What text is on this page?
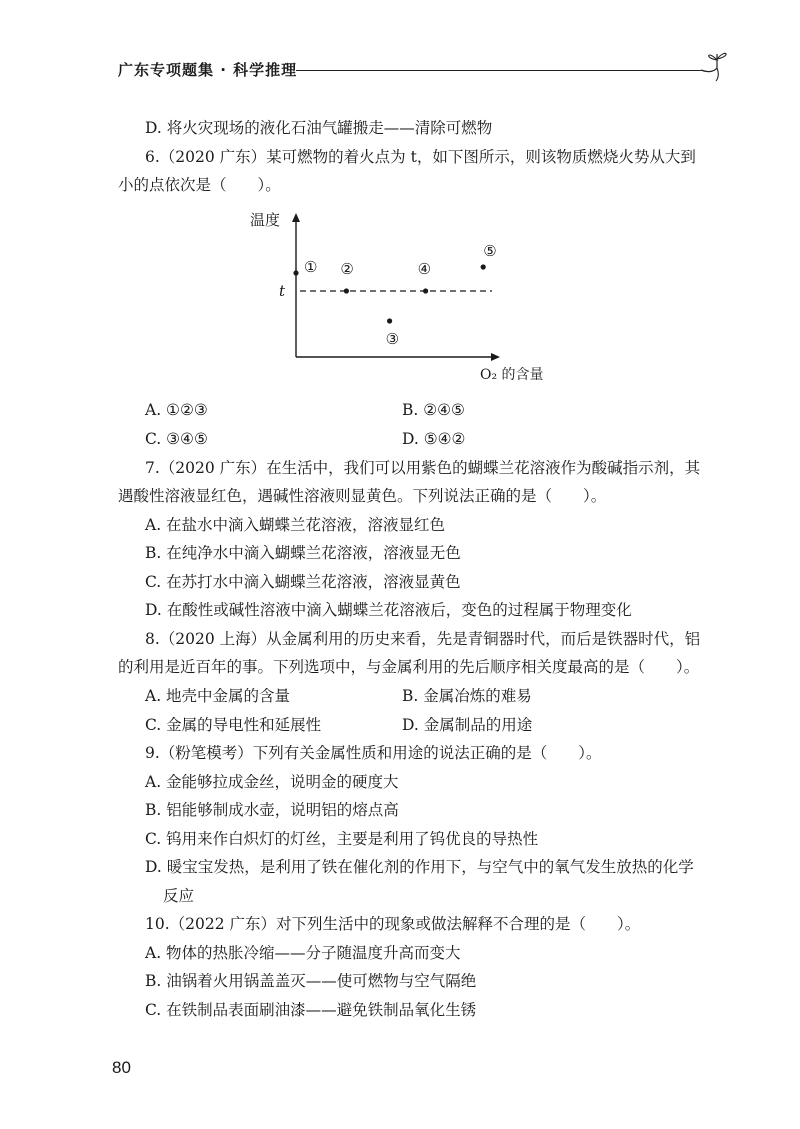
广东专项题集 · 科学推理
D. 将火灾现场的液化石油气罐搬走——清除可燃物
6.（2020 广东）某可燃物的着火点为 t，如下图所示，则该物质燃烧火势从大到
小的点依次是（　　）。
温度
O₂ 的含量
t
① ②
③
④
⑤
A. ①②③	B. ②④⑤
C. ③④⑤	D. ⑤④②
7.（2020 广东）在生活中，我们可以用紫色的蝴蝶兰花溶液作为酸碱指示剂，其
遇酸性溶液显红色，遇碱性溶液则显黄色。下列说法正确的是（　　）。
A. 在盐水中滴入蝴蝶兰花溶液，溶液显红色
B. 在纯净水中滴入蝴蝶兰花溶液，溶液显无色
C. 在苏打水中滴入蝴蝶兰花溶液，溶液显黄色
D. 在酸性或碱性溶液中滴入蝴蝶兰花溶液后，变色的过程属于物理变化
8.（2020 上海）从金属利用的历史来看，先是青铜器时代，而后是铁器时代，铝
的利用是近百年的事。下列选项中，与金属利用的先后顺序相关度最高的是（　　）。
A. 地壳中金属的含量	B. 金属冶炼的难易
C. 金属的导电性和延展性	D. 金属制品的用途
9.（粉笔模考）下列有关金属性质和用途的说法正确的是（　　）。
A. 金能够拉成金丝，说明金的硬度大
B. 铝能够制成水壶，说明铝的熔点高
C. 钨用来作白炽灯的灯丝，主要是利用了钨优良的导热性
D. 暖宝宝发热，是利用了铁在催化剂的作用下，与空气中的氧气发生放热的化学
反应
10.（2022 广东）对下列生活中的现象或做法解释不合理的是（　　）。
A. 物体的热胀冷缩——分子随温度升高而变大
B. 油锅着火用锅盖盖灭——使可燃物与空气隔绝
C. 在铁制品表面刷油漆——避免铁制品氧化生锈
80
